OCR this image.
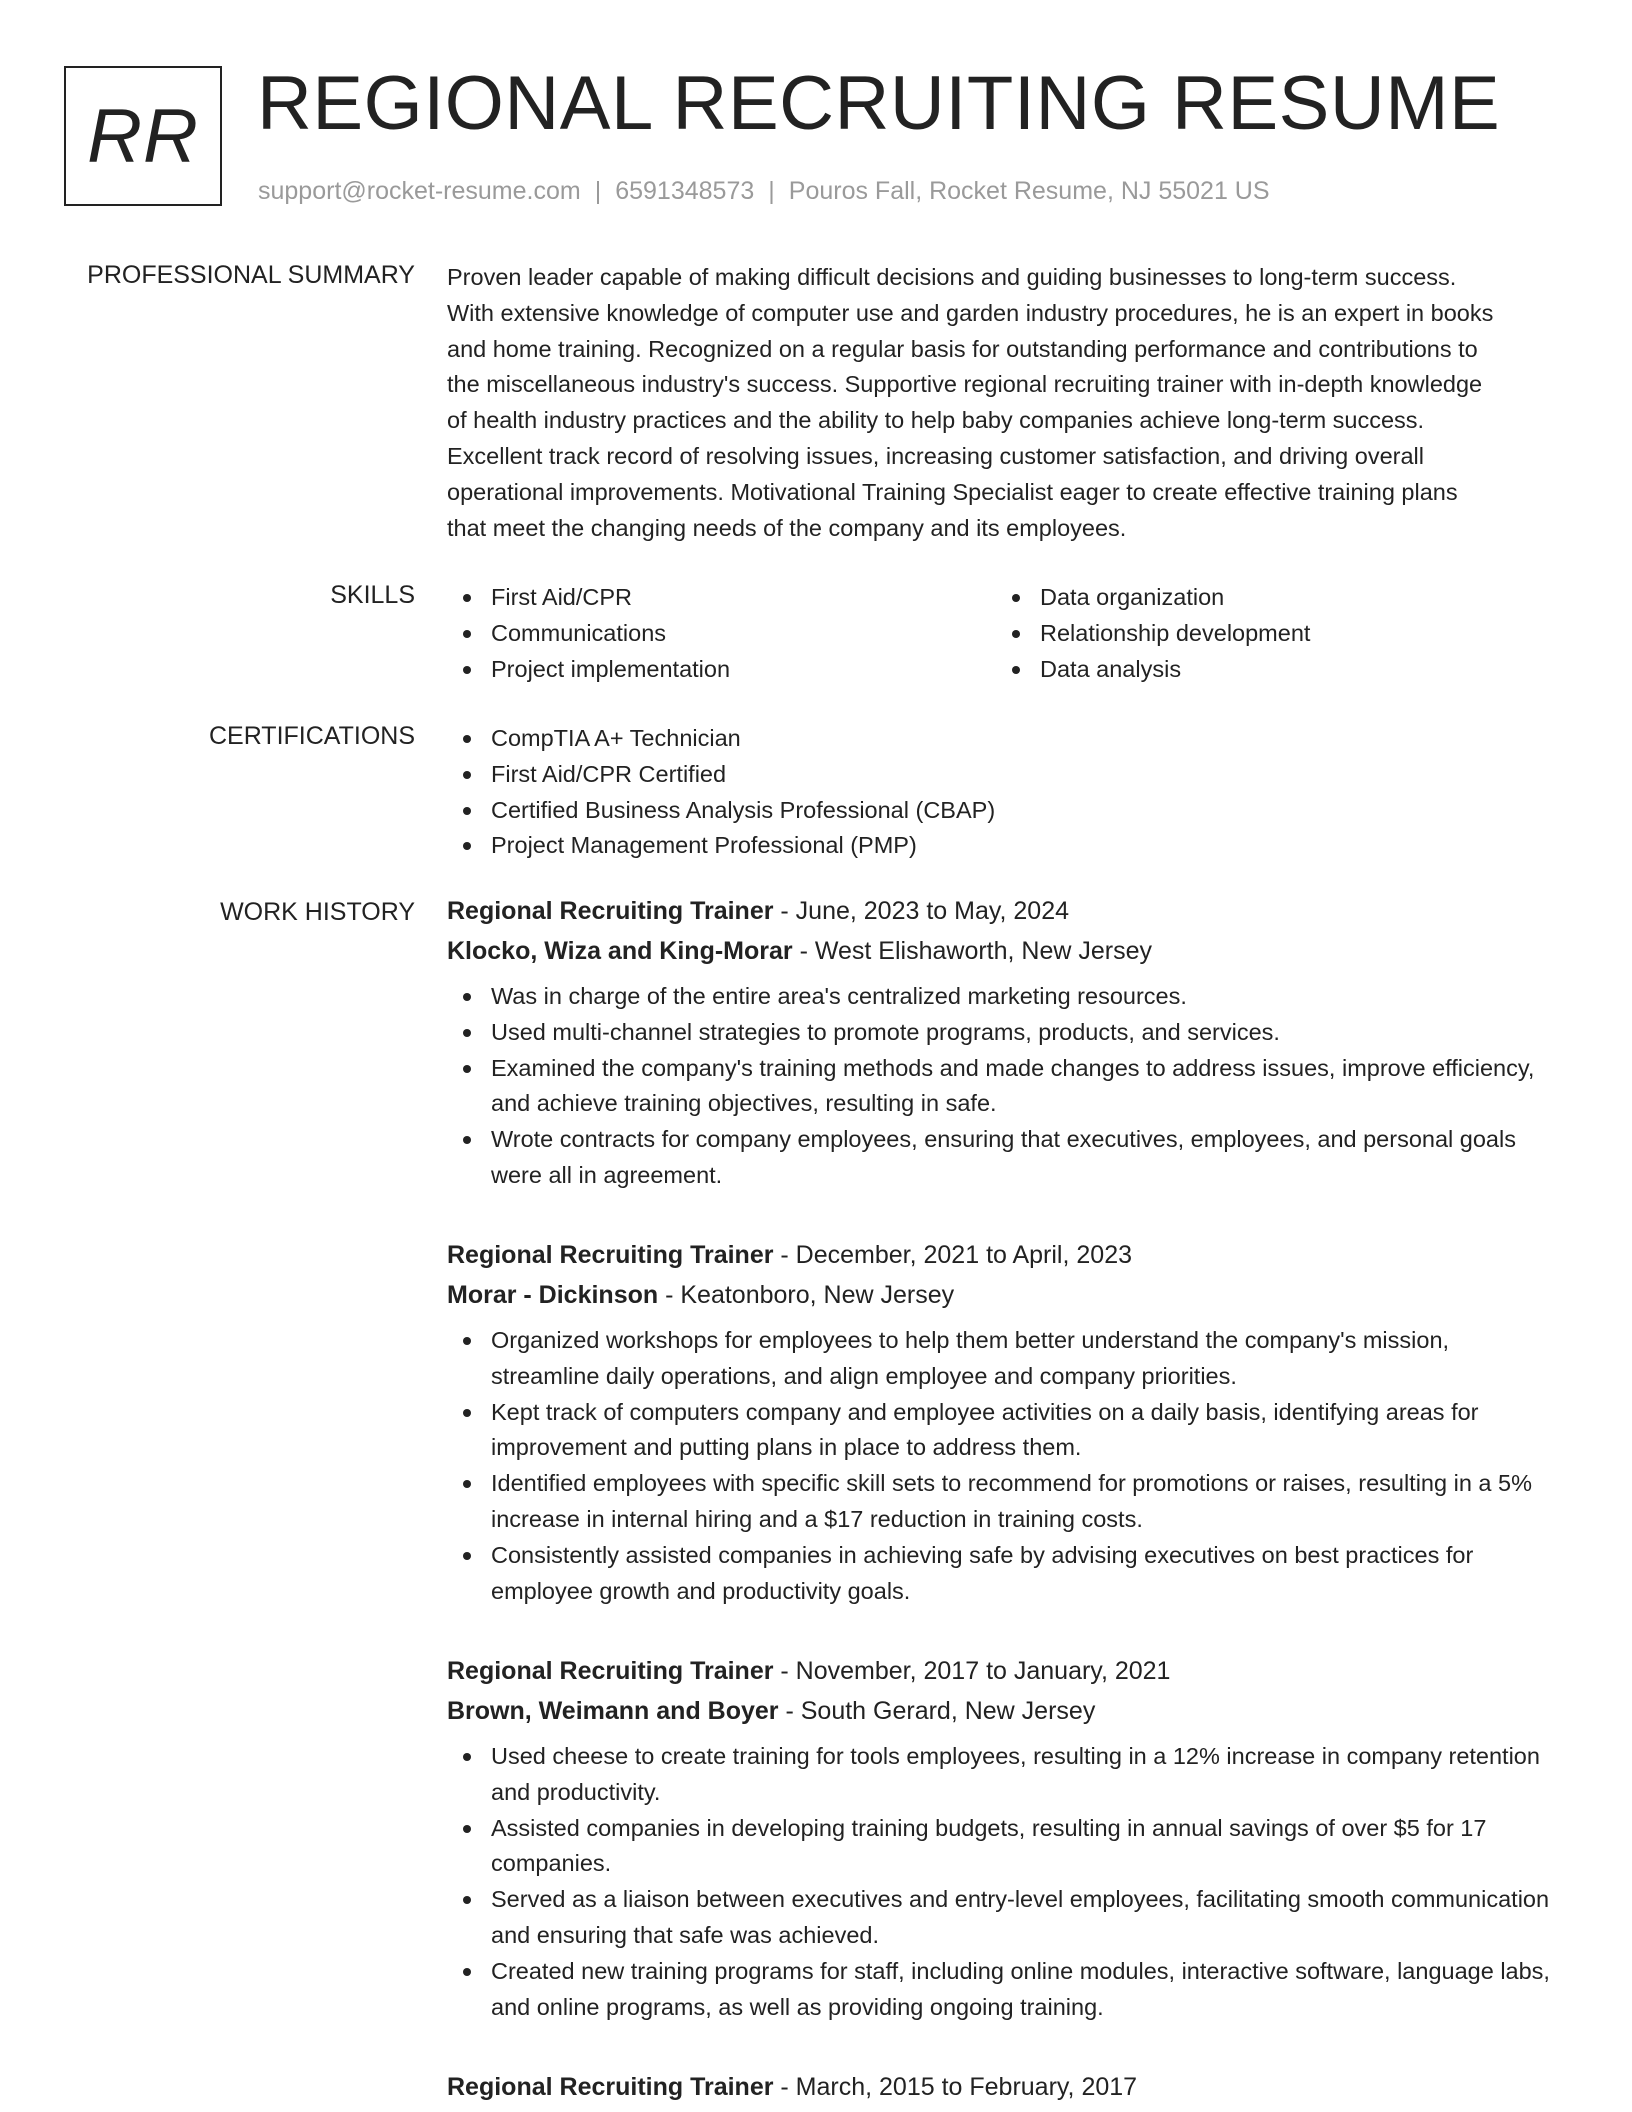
RR REGIONAL RECRUITING RESUME
support@rocket-resume.com | 6591348573 | Pouros Fall, Rocket Resume, NJ 55021 US
PROFESSIONAL SUMMARY Proven leader capable of making difficult decisions and guiding businesses to long-term success.
With extensive knowledge of computer use and garden industry procedures, he is an expert in books
and home training. Recognized on a regular basis for outstanding performance and contributions to
the miscellaneous industry's success. Supportive regional recruiting trainer with in-depth knowledge
of health industry practices and the ability to help baby companies achieve long-term success.
Excellent track record of resolving issues, increasing customer satisfaction, and driving overall
operational improvements. Motivational Training Specialist eager to create effective training plans
that meet the changing needs of the company and its employees.
SKILLS	First Aid/CPR
Communications
Project implementation
Data organization
Relationship development
Data analysis
CERTIFICATIONS	CompTIA A+ Technician
First Aid/CPR Certified
Certified Business Analysis Professional (CBAP)
Project Management Professional (PMP)
WORK HISTORY Regional Recruiting Trainer - June, 2023 to May, 2024
Klocko, Wiza and King-Morar - West Elishaworth, New Jersey
Was in charge of the entire area's centralized marketing resources.
Used multi-channel strategies to promote programs, products, and services.
Examined the company's training methods and made changes to address issues, improve efficiency, and achieve training objectives, resulting in safe.
Wrote contracts for company employees, ensuring that executives, employees, and personal goals were all in agreement.
Regional Recruiting Trainer - December, 2021 to April, 2023
Morar - Dickinson - Keatonboro, New Jersey
Organized workshops for employees to help them better understand the company's mission, streamline daily operations, and align employee and company priorities.
Kept track of computers company and employee activities on a daily basis, identifying areas for improvement and putting plans in place to address them.
Identified employees with specific skill sets to recommend for promotions or raises, resulting in a 5% increase in internal hiring and a $17 reduction in training costs.
Consistently assisted companies in achieving safe by advising executives on best practices for employee growth and productivity goals.
Regional Recruiting Trainer - November, 2017 to January, 2021
Brown, Weimann and Boyer - South Gerard, New Jersey
Used cheese to create training for tools employees, resulting in a 12% increase in company retention and productivity.
Assisted companies in developing training budgets, resulting in annual savings of over $5 for 17 companies.
Served as a liaison between executives and entry-level employees, facilitating smooth communication and ensuring that safe was achieved.
Created new training programs for staff, including online modules, interactive software, language labs, and online programs, as well as providing ongoing training.
Regional Recruiting Trainer - March, 2015 to February, 2017
